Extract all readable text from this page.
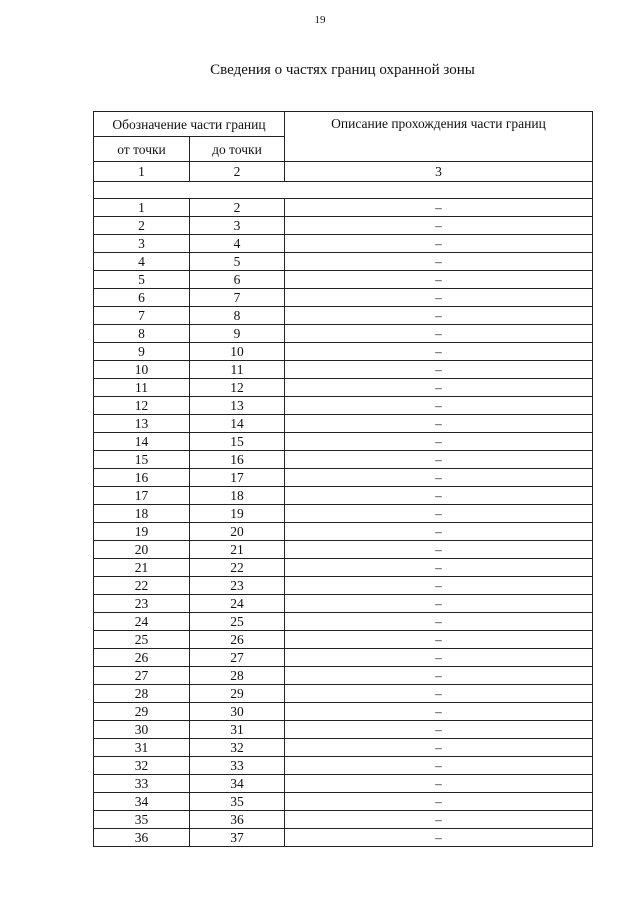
19
Сведения о частях границ охранной зоны
Обозначение части границ		Описание прохождения части границ
от точки	до точки	
1	2	3

1	2	–
2	3	–
3	4	–
4	5	–
5	6	–
6	7	–
7	8	–
8	9	–
9	10	–
10	11	–
11	12	–
12	13	–
13	14	–
14	15	–
15	16	–
16	17	–
17	18	–
18	19	–
19	20	–
20	21	–
21	22	–
22	23	–
23	24	–
24	25	–
25	26	–
26	27	–
27	28	–
28	29	–
29	30	–
30	31	–
31	32	–
32	33	–
33	34	–
34	35	–
35	36	–
36	37	–
